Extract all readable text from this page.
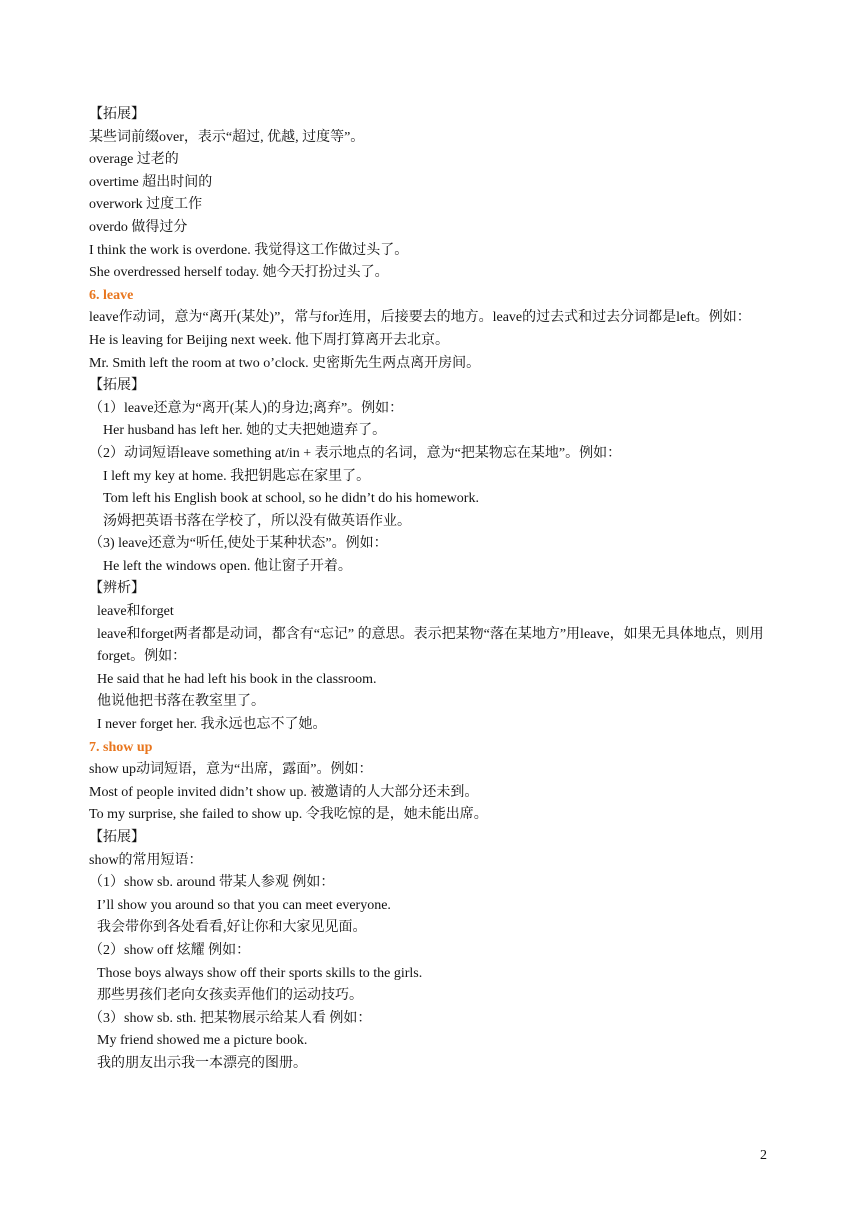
【拓展】
某些词前缀over，表示“超过, 优越, 过度等”。
overage 过老的
overtime 超出时间的
overwork 过度工作
overdo 做得过分
I think the work is overdone. 我觉得这工作做过头了。
She overdressed herself today. 她今天打扮过头了。
6. leave
leave作动词，意为“离开(某处)”，常与for连用，后接要去的地方。leave的过去式和过去分词都是left。例如：
He is leaving for Beijing next week. 他下周打算离开去北京。
Mr. Smith left the room at two o’clock. 史密斯先生两点离开房间。
【拓展】
（1）leave还意为“离开(某人)的身边;离弃”。例如：
Her husband has left her. 她的丈夫把她遗弃了。
（2）动词短语leave something at/in + 表示地点的名词，意为“把某物忘在某地”。例如：
I left my key at home. 我把钥匙忘在家里了。
Tom left his English book at school, so he didn’t do his homework.
汤姆把英语书落在学校了，所以没有做英语作业。
（3) leave还意为“听任,使处于某种状态”。例如：
He left the windows open. 他让窗子开着。
【辨析】
leave和forget
leave和forget两者都是动词，都含有“忘记” 的意思。表示把某物“落在某地方”用leave，如果无具体地点，则用forget。例如：
He said that he had left his book in the classroom.
他说他把书落在教室里了。
I never forget her. 我永远也忘不了她。
7. show up
show up动词短语，意为“出席，露面”。例如：
Most of people invited didn’t show up. 被邀请的人大部分还未到。
To my surprise, she failed to show up. 令我吃惊的是，她未能出席。
【拓展】
show的常用短语：
（1）show sb. around 带某人参观 例如：
I’ll show you around so that you can meet everyone.
我会带你到各处看看,好让你和大家见见面。
（2）show off 炫耀 例如：
Those boys always show off their sports skills to the girls.
那些男孩们老向女孩卖弄他们的运动技巧。
（3）show sb. sth. 把某物展示给某人看 例如：
My friend showed me a picture book.
我的朋友出示我一本漂亮的图册。
2
